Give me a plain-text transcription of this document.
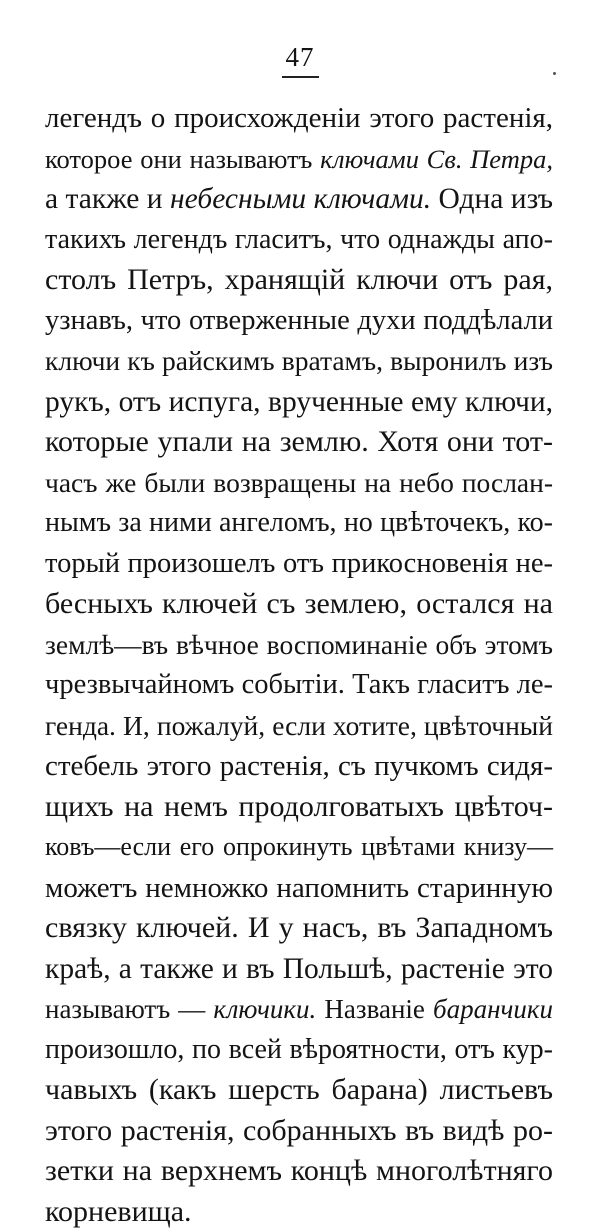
47
легендъ о происхожденіи этого растенія,
которое они называютъ ключами Св. Петра,
а также и небесными ключами. Одна изъ
такихъ легендъ гласитъ, что однажды апо-
столъ Петръ, хранящій ключи отъ рая,
узнавъ, что отверженные духи поддѣлали
ключи къ райскимъ вратамъ, выронилъ изъ
рукъ, отъ испуга, врученные ему ключи,
которые упали на землю. Хотя они тот-
часъ же были возвращены на небо послан-
нымъ за ними ангеломъ, но цвѣточекъ, ко-
торый произошелъ отъ прикосновенія не-
бесныхъ ключей съ землею, остался на
землѣ—въ вѣчное воспоминаніе объ этомъ
чрезвычайномъ событіи. Такъ гласитъ ле-
генда. И, пожалуй, если хотите, цвѣточный
стебель этого растенія, съ пучкомъ сидя-
щихъ на немъ продолговатыхъ цвѣточ-
ковъ—если его опрокинуть цвѣтами книзу—
можетъ немножко напомнить старинную
связку ключей. И у насъ, въ Западномъ
краѣ, а также и въ Польшѣ, растеніе это
называютъ — ключики. Названіе баранчики
произошло, по всей вѣроятности, отъ кур-
чавыхъ (какъ шерсть барана) листьевъ
этого растенія, собранныхъ въ видѣ ро-
зетки на верхнемъ концѣ многолѣтняго
корневища.
